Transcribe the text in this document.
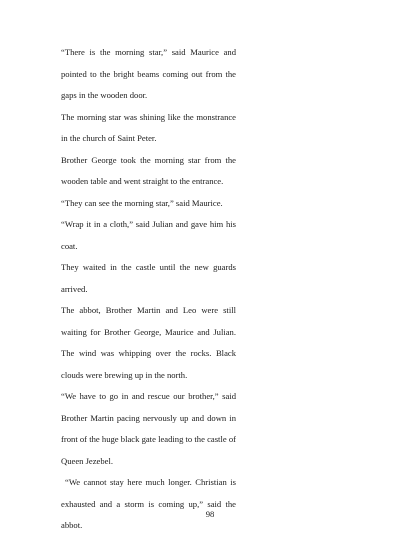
“There is the morning star,” said Maurice and pointed to the bright beams coming out from the gaps in the wooden door.

The morning star was shining like the monstrance in the church of Saint Peter.

Brother George took the morning star from the wooden table and went straight to the entrance.

“They can see the morning star,” said Maurice.

“Wrap it in a cloth,” said Julian and gave him his coat.

They waited in the castle until the new guards arrived.

The abbot, Brother Martin and Leo were still waiting for Brother George, Maurice and Julian. The wind was whipping over the rocks. Black clouds were brewing up in the north.

“We have to go in and rescue our brother,” said Brother Martin pacing nervously up and down in front of the huge black gate leading to the castle of Queen Jezebel.

“We cannot stay here much longer. Christian is exhausted and a storm is coming up,” said the abbot.

98
